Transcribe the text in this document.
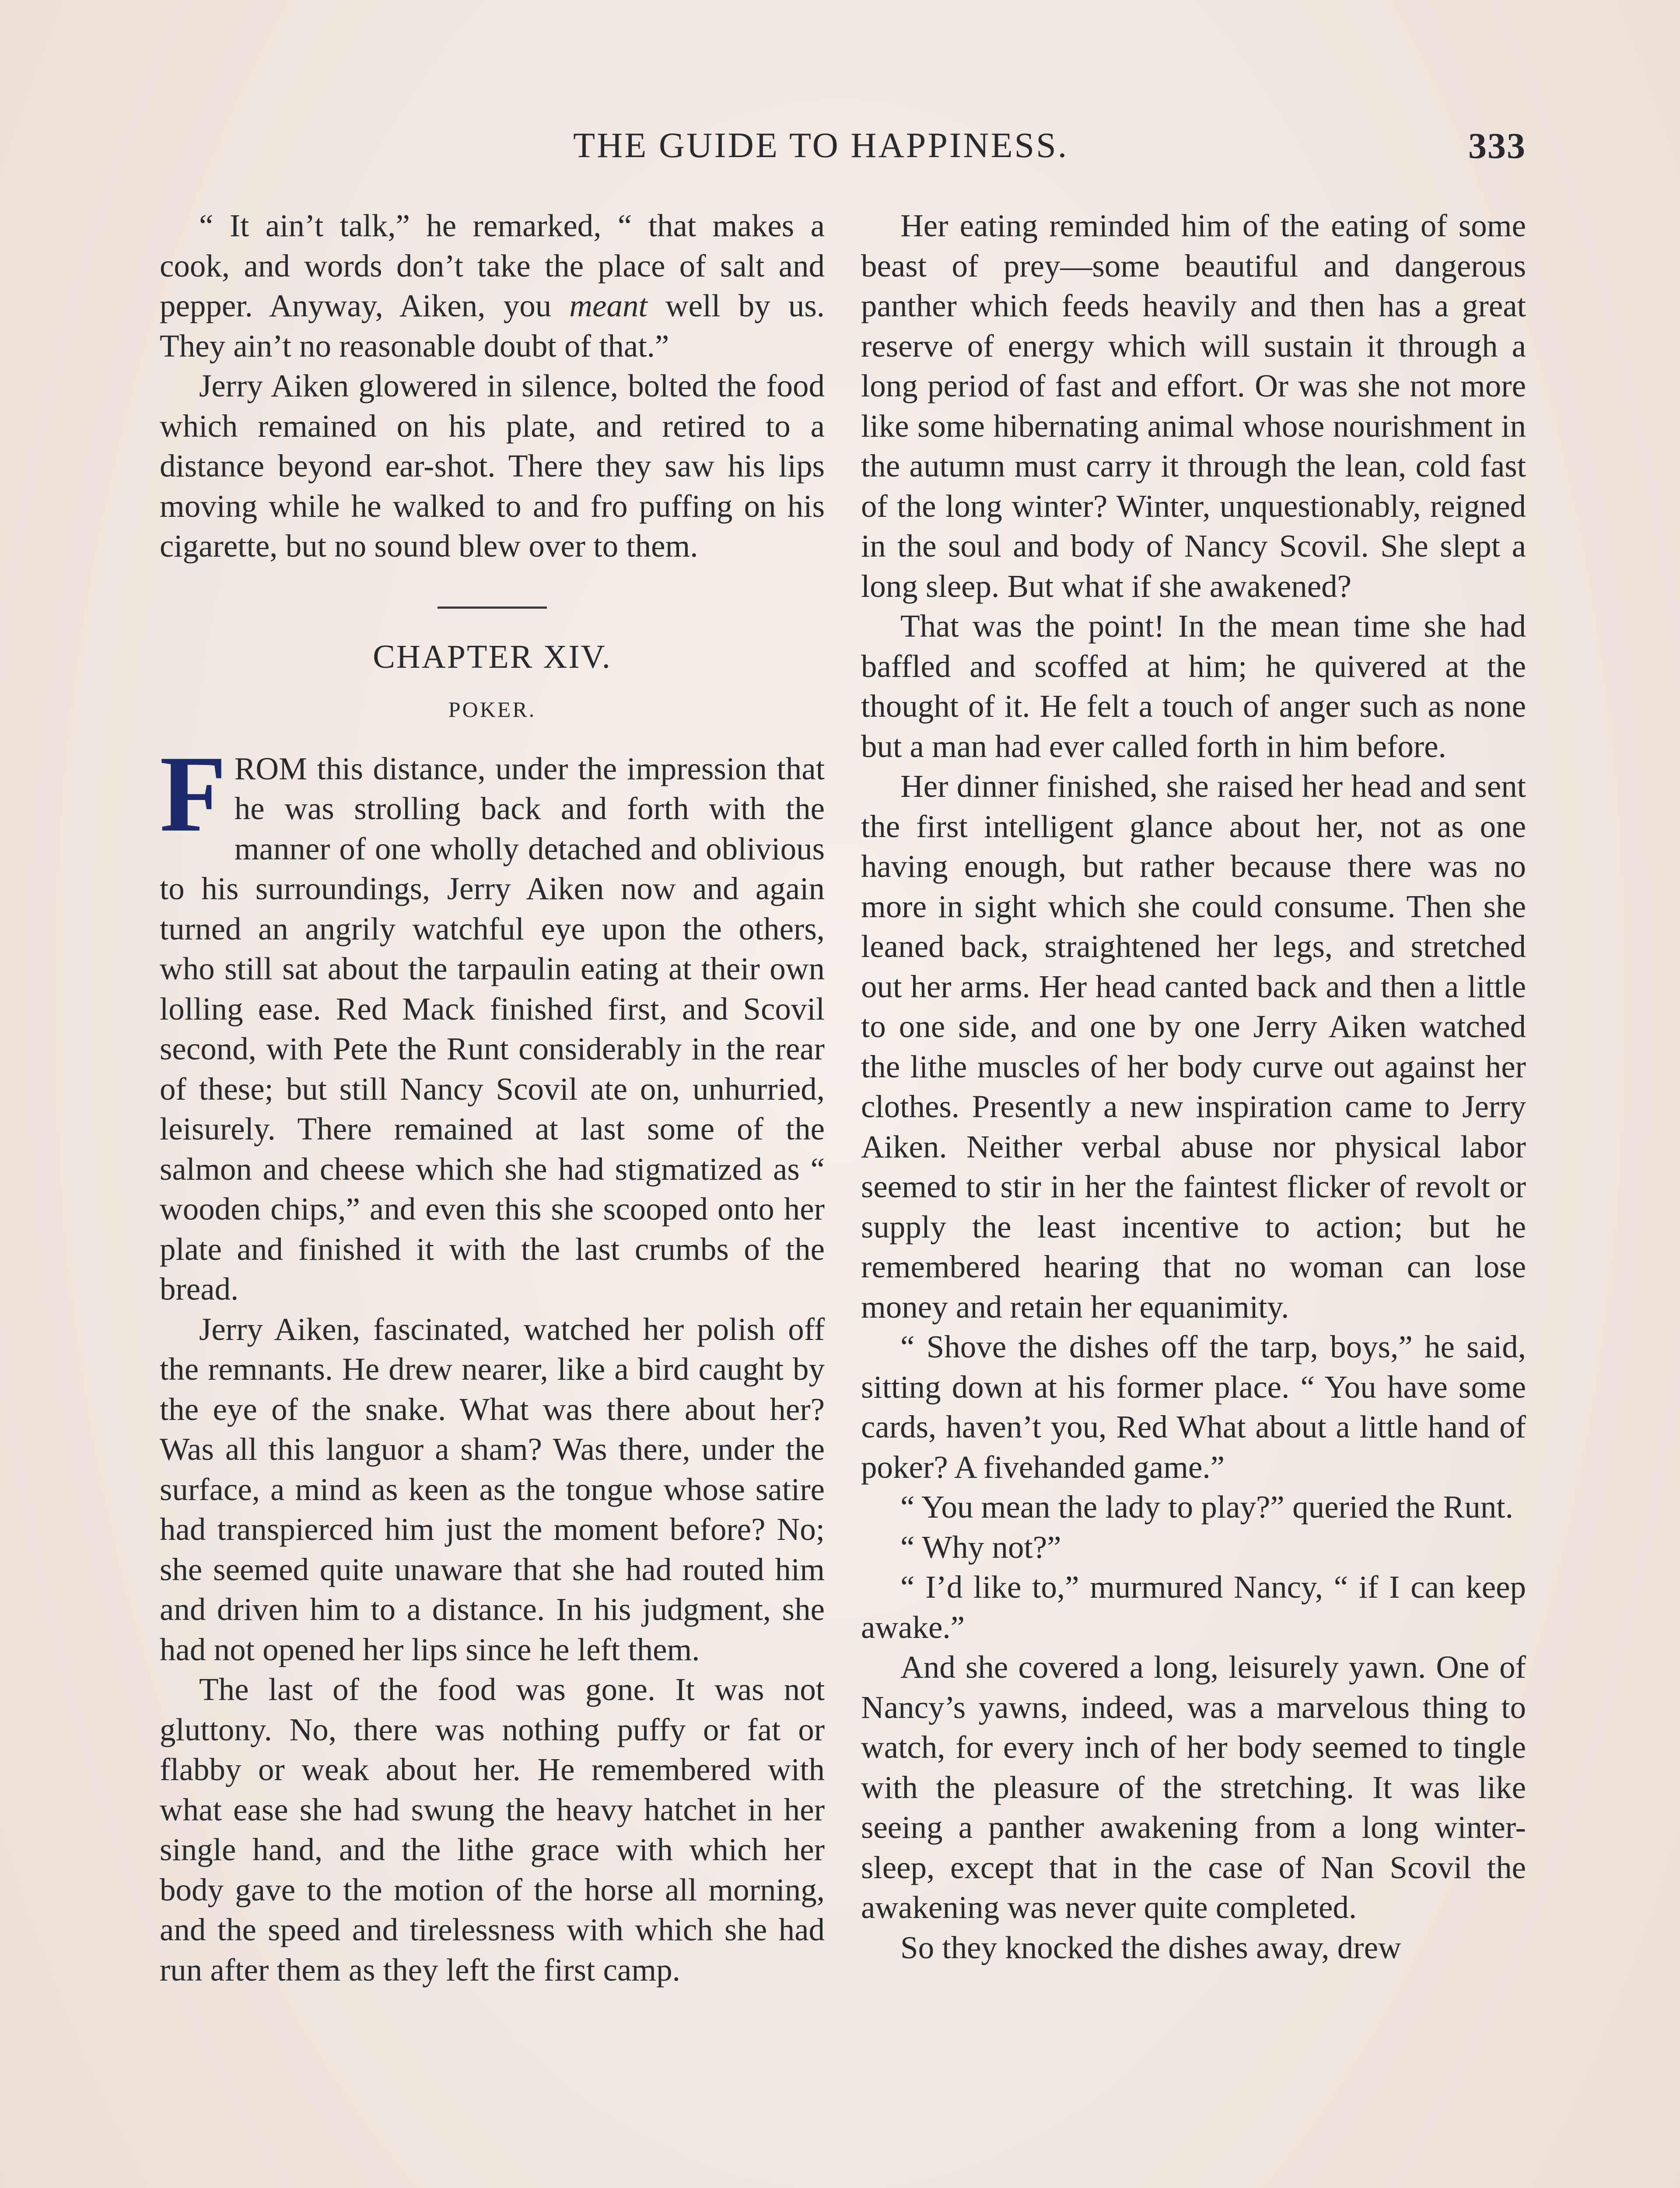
THE GUIDE TO HAPPINESS.	333

“ It ain’t talk,” he remarked, “ that makes a cook, and words don’t take the place of salt and pepper. Anyway, Aiken, you meant well by us. They ain’t no reasonable doubt of that.”

Jerry Aiken glowered in silence, bolted the food which remained on his plate, and retired to a distance beyond ear-shot. There they saw his lips moving while he walked to and fro puffing on his cigarette, but no sound blew over to them.

CHAPTER XIV.
POKER.

FROM this distance, under the impression that he was strolling back and forth with the manner of one wholly detached and oblivious to his surroundings, Jerry Aiken now and again turned an angrily watchful eye upon the others, who still sat about the tarpaulin eating at their own lolling ease. Red Mack finished first, and Scovil second, with Pete the Runt considerably in the rear of these; but still Nancy Scovil ate on, unhurried, leisurely. There remained at last some of the salmon and cheese which she had stigmatized as “ wooden chips,” and even this she scooped onto her plate and finished it with the last crumbs of the bread.

Jerry Aiken, fascinated, watched her polish off the remnants. He drew nearer, like a bird caught by the eye of the snake. What was there about her? Was all this languor a sham? Was there, under the surface, a mind as keen as the tongue whose satire had transpierced him just the moment before? No; she seemed quite unaware that she had routed him and driven him to a distance. In his judgment, she had not opened her lips since he left them.

The last of the food was gone. It was not gluttony. No, there was nothing puffy or fat or flabby or weak about her. He remembered with what ease she had swung the heavy hatchet in her single hand, and the lithe grace with which her body gave to the motion of the horse all morning, and the speed and tirelessness with which she had run after them as they left the first camp.

Her eating reminded him of the eating of some beast of prey—some beautiful and dangerous panther which feeds heavily and then has a great reserve of energy which will sustain it through a long period of fast and effort. Or was she not more like some hibernating animal whose nourishment in the autumn must carry it through the lean, cold fast of the long winter? Winter, unquestionably, reigned in the soul and body of Nancy Scovil. She slept a long sleep. But what if she awakened?

That was the point! In the mean time she had baffled and scoffed at him; he quivered at the thought of it. He felt a touch of anger such as none but a man had ever called forth in him before.

Her dinner finished, she raised her head and sent the first intelligent glance about her, not as one having enough, but rather because there was no more in sight which she could consume. Then she leaned back, straightened her legs, and stretched out her arms. Her head canted back and then a little to one side, and one by one Jerry Aiken watched the lithe muscles of her body curve out against her clothes. Presently a new inspiration came to Jerry Aiken. Neither verbal abuse nor physical labor seemed to stir in her the faintest flicker of revolt or supply the least incentive to action; but he remembered hearing that no woman can lose money and retain her equanimity.

“ Shove the dishes off the tarp, boys,” he said, sitting down at his former place. “ You have some cards, haven’t you, Red What about a little hand of poker? A fivehanded game.”

“ You mean the lady to play?” queried the Runt.

“ Why not?”

“ I’d like to,” murmured Nancy, “ if I can keep awake.”

And she covered a long, leisurely yawn. One of Nancy’s yawns, indeed, was a marvelous thing to watch, for every inch of her body seemed to tingle with the pleasure of the stretching. It was like seeing a panther awakening from a long winter-sleep, except that in the case of Nan Scovil the awakening was never quite completed.

So they knocked the dishes away, drew
